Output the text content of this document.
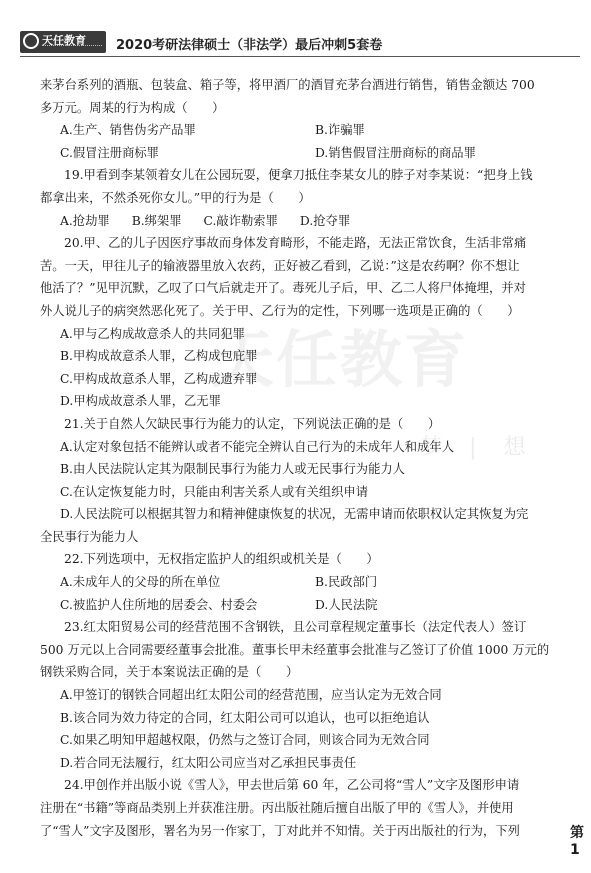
天任教育 2020考研法律硕士（非法学）最后冲刺5套卷
天任教育
梦 | 想
来茅台系列的酒瓶、包装盒、箱子等，将甲酒厂的酒冒充茅台酒进行销售，销售金额达 700
多万元。周某的行为构成（　　）
A.生产、销售伪劣产品罪	B.诈骗罪
C.假冒注册商标罪	D.销售假冒注册商标的商品罪
19.甲看到李某领着女儿在公园玩耍，便拿刀抵住李某女儿的脖子对李某说：“把身上钱
都拿出来，不然杀死你女儿。”甲的行为是（　　）
A.抢劫罪 B.绑架罪 C.敲诈勒索罪 D.抢夺罪
20.甲、乙的儿子因医疗事故而身体发育畸形，不能走路，无法正常饮食，生活非常痛
苦。一天，甲往儿子的输液器里放入农药，正好被乙看到，乙说：”这是农药啊？你不想让
他活了？”见甲沉默，乙叹了口气后就走开了。毒死儿子后，甲、乙二人将尸体掩埋，并对
外人说儿子的病突然恶化死了。关于甲、乙行为的定性，下列哪一选项是正确的（　　）
A.甲与乙构成故意杀人的共同犯罪
B.甲构成故意杀人罪，乙构成包庇罪
C.甲构成故意杀人罪，乙构成遗弃罪
D.甲构成故意杀人罪，乙无罪
21.关于自然人欠缺民事行为能力的认定，下列说法正确的是（　　）
A.认定对象包括不能辨认或者不能完全辨认自己行为的未成年人和成年人
B.由人民法院认定其为限制民事行为能力人或无民事行为能力人
C.在认定恢复能力时，只能由利害关系人或有关组织申请
D.人民法院可以根据其智力和精神健康恢复的状况，无需申请而依职权认定其恢复为完
全民事行为能力人
22.下列选项中，无权指定监护人的组织或机关是（　　）
A.未成年人的父母的所在单位	B.民政部门
C.被监护人住所地的居委会、村委会	D.人民法院
23.红太阳贸易公司的经营范围不含钢铁，且公司章程规定董事长（法定代表人）签订
500 万元以上合同需要经董事会批准。董事长甲未经董事会批准与乙签订了价值 1000 万元的
钢铁采购合同，关于本案说法正确的是（　　）
A.甲签订的钢铁合同超出红太阳公司的经营范围，应当认定为无效合同
B.该合同为效力待定的合同，红太阳公司可以追认，也可以拒绝追认
C.如果乙明知甲超越权限，仍然与之签订合同，则该合同为无效合同
D.若合同无法履行，红太阳公司应当对乙承担民事责任
24.甲创作并出版小说《雪人》，甲去世后第 60 年，乙公司将“雪人”文字及图形申请
注册在“书籍”等商品类别上并获准注册。丙出版社随后擅自出版了甲的《雪人》，并使用
了“雪人”文字及图形，署名为另一作家丁，丁对此并不知情。关于丙出版社的行为，下列	第 1
